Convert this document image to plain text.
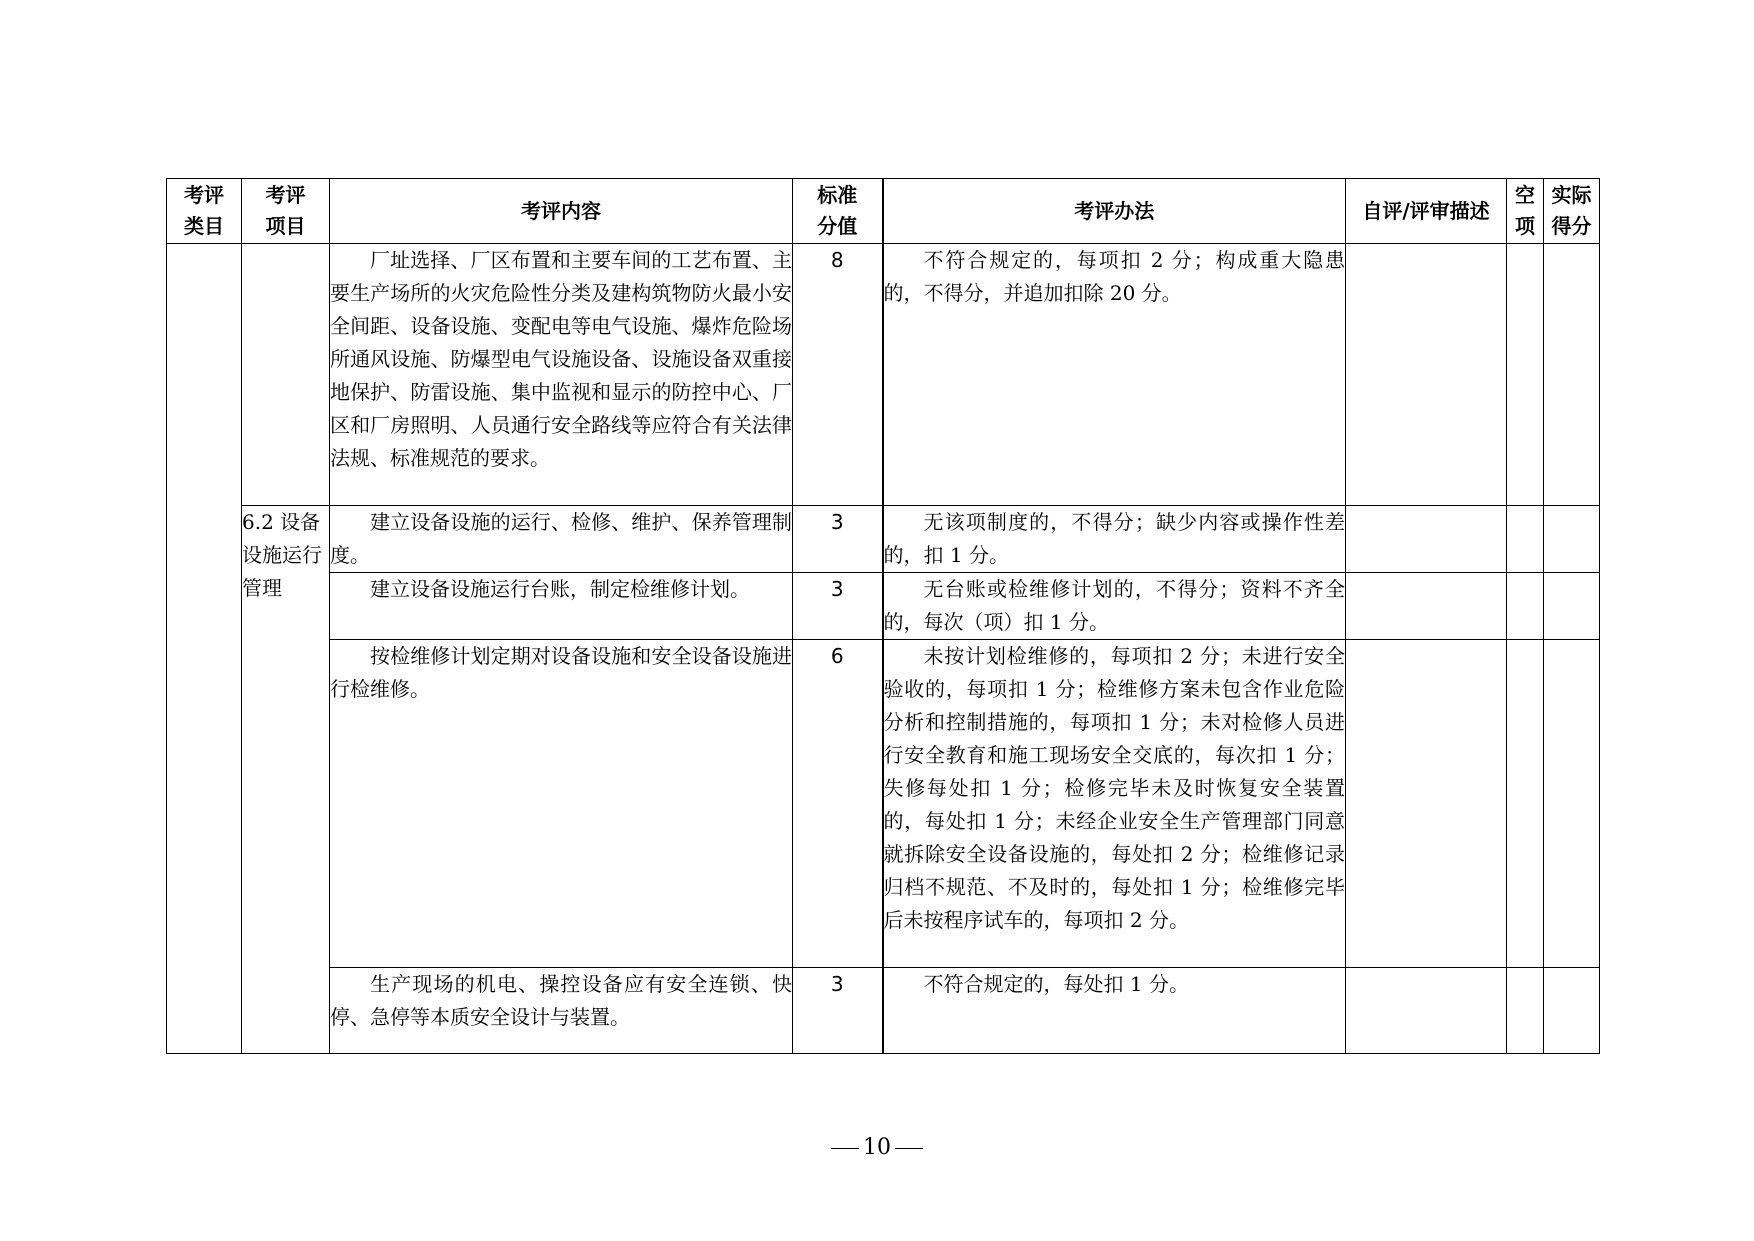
考评类目	考评项目	考评内容	标准分值	考评办法	自评/评审描述	空项	实际得分
		厂址选择、厂区布置和主要车间的工艺布置、主要生产场所的火灾危险性分类及建构筑物防火最小安全间距、设备设施、变配电等电气设施、爆炸危险场所通风设施、防爆型电气设施设备、设施设备双重接地保护、防雷设施、集中监视和显示的防控中心、厂区和厂房照明、人员通行安全路线等应符合有关法律法规、标准规范的要求。	8	不符合规定的，每项扣 2 分；构成重大隐患的，不得分，并追加扣除 20 分。			
	6.2 设备设施运行管理	建立设备设施的运行、检修、维护、保养管理制度。	3	无该项制度的，不得分；缺少内容或操作性差的，扣 1 分。			
		建立设备设施运行台账，制定检维修计划。	3	无台账或检维修计划的，不得分；资料不齐全的，每次（项）扣 1 分。			
		按检维修计划定期对设备设施和安全设备设施进行检维修。	6	未按计划检维修的，每项扣 2 分；未进行安全验收的，每项扣 1 分；检维修方案未包含作业危险分析和控制措施的，每项扣 1 分；未对检修人员进行安全教育和施工现场安全交底的，每次扣 1 分；失修每处扣 1 分；检修完毕未及时恢复安全装置的，每处扣 1 分；未经企业安全生产管理部门同意就拆除安全设备设施的，每处扣 2 分；检维修记录归档不规范、不及时的，每处扣 1 分；检维修完毕后未按程序试车的，每项扣 2 分。			
		生产现场的机电、操控设备应有安全连锁、快停、急停等本质安全设计与装置。	3	不符合规定的，每处扣 1 分。			
10
